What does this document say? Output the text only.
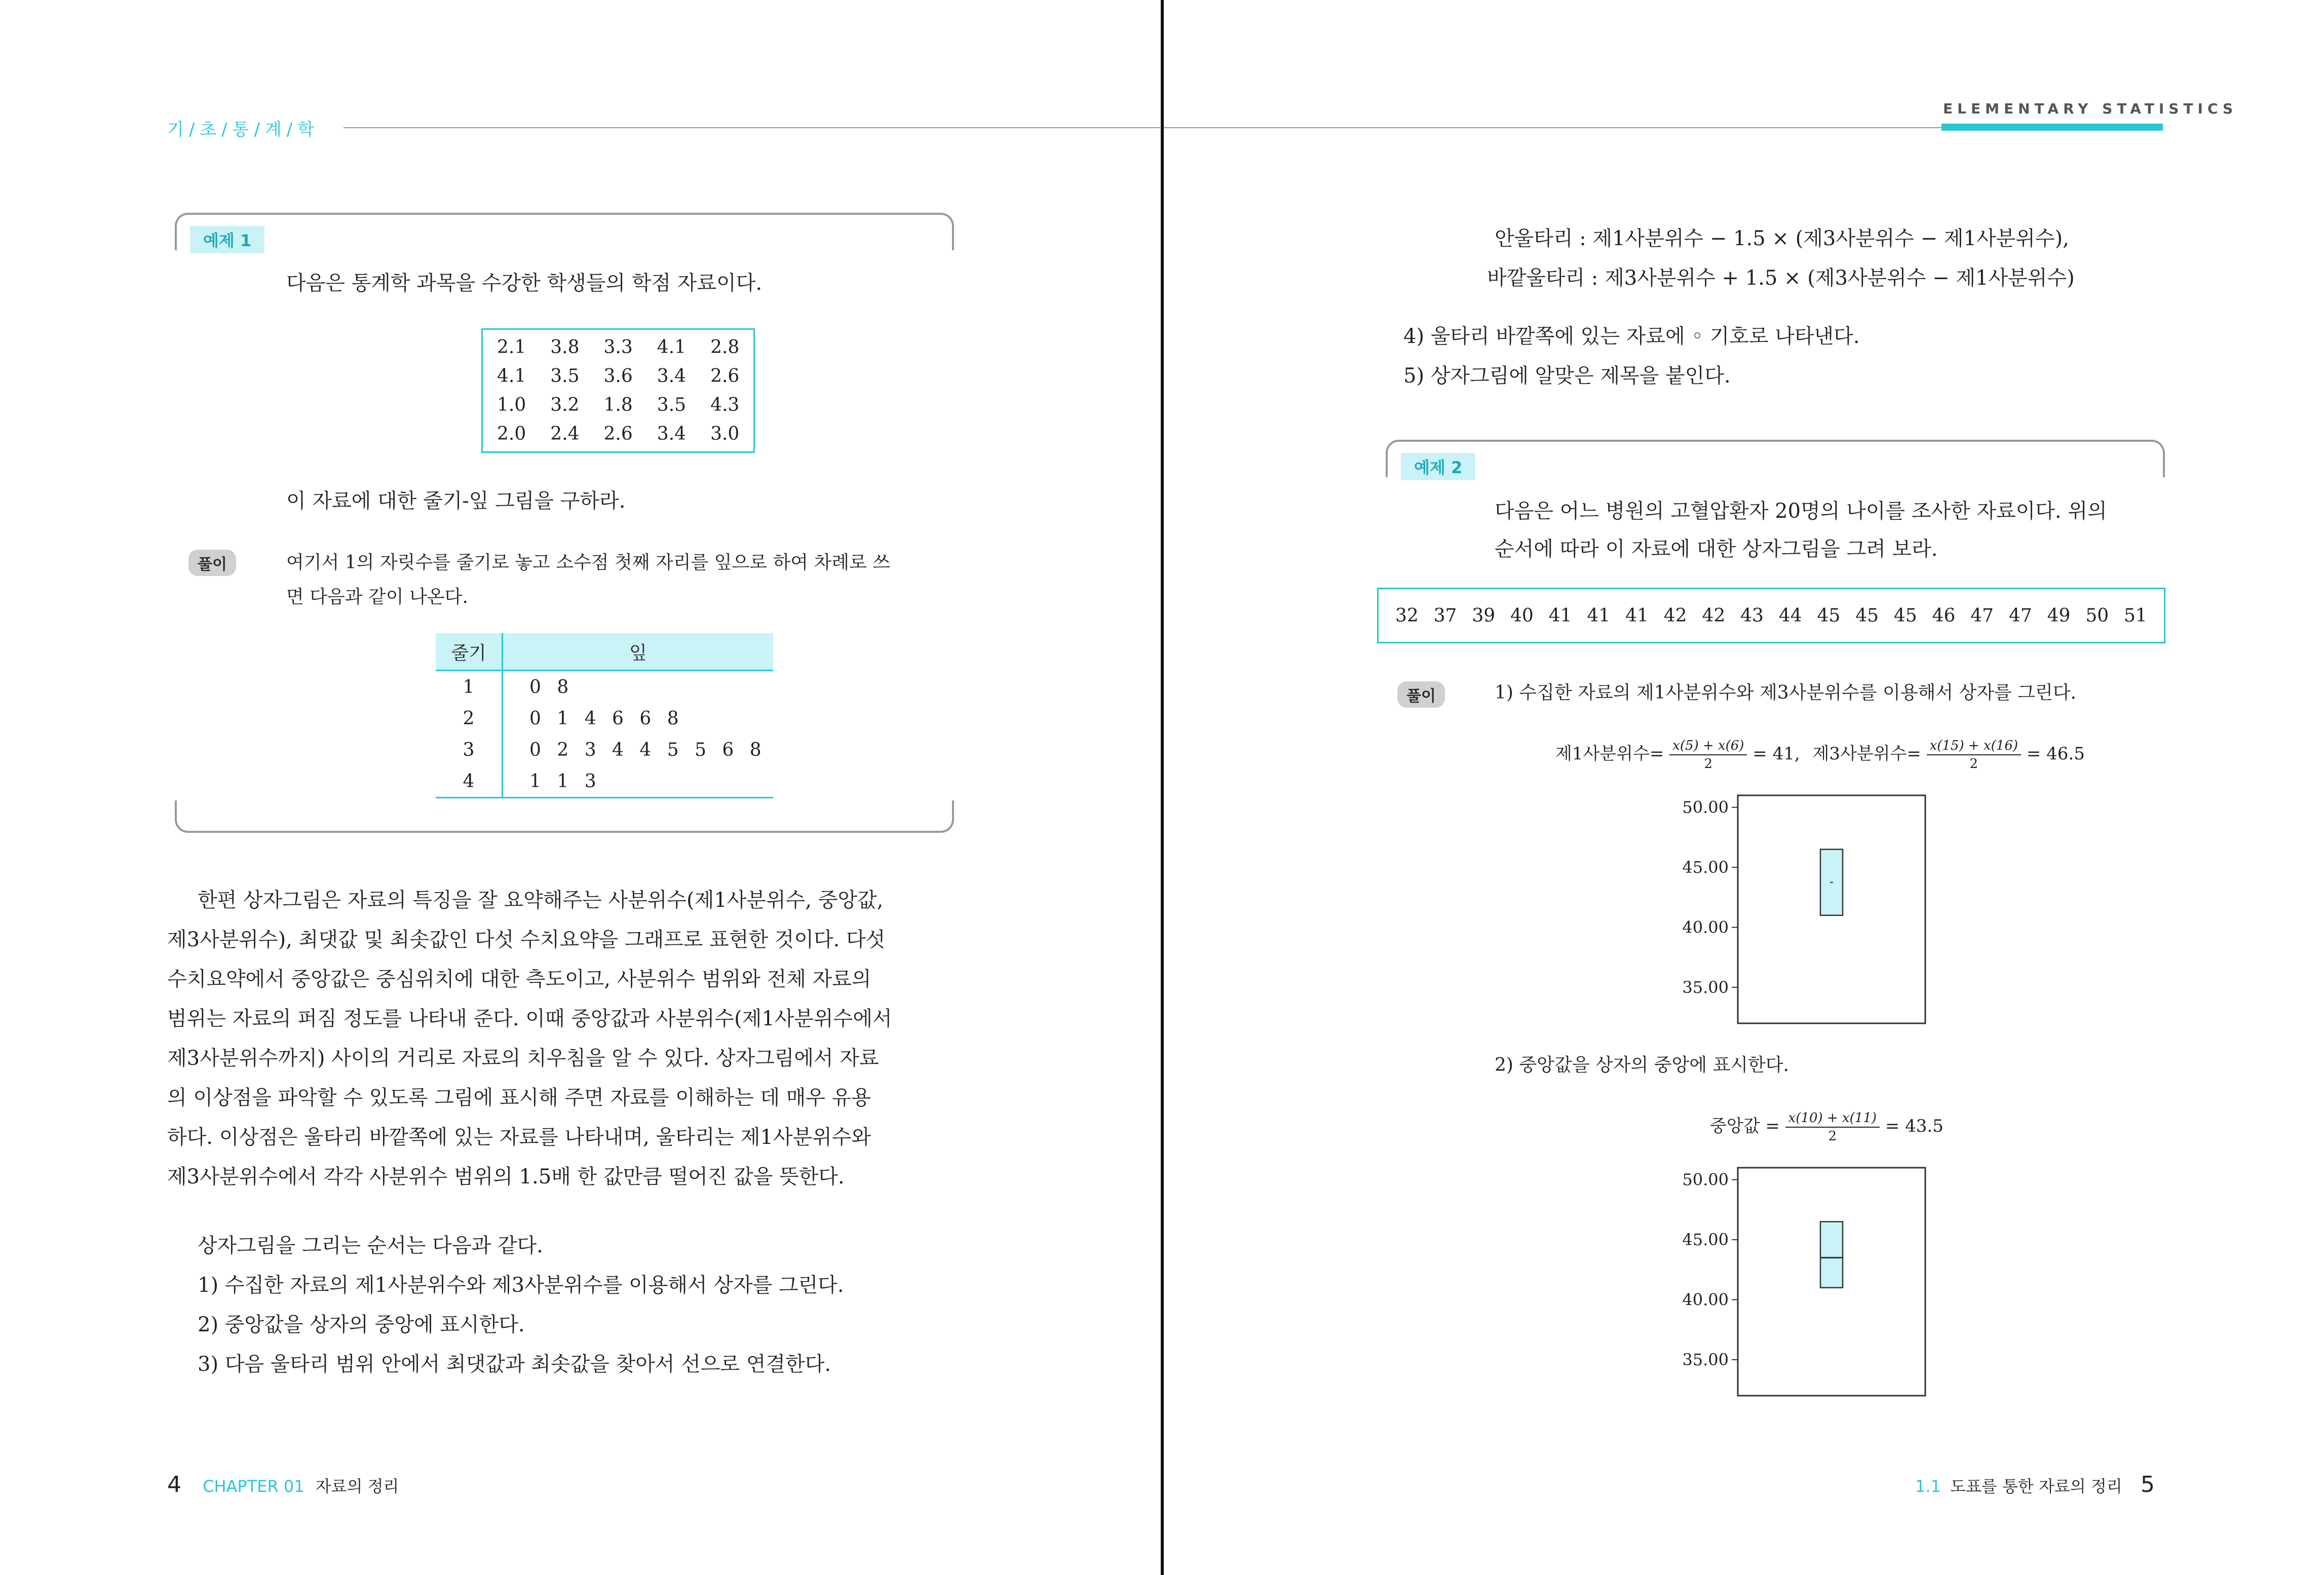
기/초/통/계/학
예제 1
다음은 통계학 과목을 수강한 학생들의 학점 자료이다.
2.1	3.8	3.3	4.1	2.8
4.1	3.5	3.6	3.4	2.6
1.0	3.2	1.8	3.5	4.3
2.0	2.4	2.6	3.4	3.0
이 자료에 대한 줄기-잎 그림을 구하라.
풀이	여기서 1의 자릿수를 줄기로 놓고 소수점 첫째 자리를 잎으로 하여 차례로 쓰
면 다음과 같이 나온다.
줄기	잎
1	0 8
2	0 1 4 6 6 8
3	0 2 3 4 4 5 5 6 8
4	1 1 3
한편 상자그림은 자료의 특징을 잘 요약해주는 사분위수(제1사분위수, 중앙값,
제3사분위수), 최댓값 및 최솟값인 다섯 수치요약을 그래프로 표현한 것이다. 다섯
수치요약에서 중앙값은 중심위치에 대한 측도이고, 사분위수 범위와 전체 자료의
범위는 자료의 퍼짐 정도를 나타내 준다. 이때 중앙값과 사분위수(제1사분위수에서
제3사분위수까지) 사이의 거리로 자료의 치우침을 알 수 있다. 상자그림에서 자료
의 이상점을 파악할 수 있도록 그림에 표시해 주면 자료를 이해하는 데 매우 유용
하다. 이상점은 울타리 바깥쪽에 있는 자료를 나타내며, 울타리는 제1사분위수와
제3사분위수에서 각각 사분위수 범위의 1.5배 한 값만큼 떨어진 값을 뜻한다.
상자그림을 그리는 순서는 다음과 같다.
1) 수집한 자료의 제1사분위수와 제3사분위수를 이용해서 상자를 그린다.
2) 중앙값을 상자의 중앙에 표시한다.
3) 다음 울타리 범위 안에서 최댓값과 최솟값을 찾아서 선으로 연결한다.
4 CHAPTER 01 자료의 정리
ELEMENTARY STATISTICS
안울타리 : 제1사분위수 − 1.5 × (제3사분위수 − 제1사분위수),
바깥울타리 : 제3사분위수 + 1.5 × (제3사분위수 − 제1사분위수)
4) 울타리 바깥쪽에 있는 자료에 ◦ 기호로 나타낸다.
5) 상자그림에 알맞은 제목을 붙인다.
예제 2
다음은 어느 병원의 고혈압환자 20명의 나이를 조사한 자료이다. 위의
순서에 따라 이 자료에 대한 상자그림을 그려 보라.
32 37 39 40 41 41 41 42 42 43 44 45 45 45 46 47 47 49 50 51
풀이	1) 수집한 자료의 제1사분위수와 제3사분위수를 이용해서 상자를 그린다.
제1사분위수= $\frac{x(5) + x(6)}{2} = 41$, 제3사분위수= $\frac{x(15) + x(16)}{2} = 46.5$
50.00
45.00
40.00
35.00
2) 중앙값을 상자의 중앙에 표시한다.
중앙값 = $\frac{x(10) + x(11)}{2} = 43.5$
50.00
45.00
40.00
35.00
1.1 도표를 통한 자료의 정리 5
